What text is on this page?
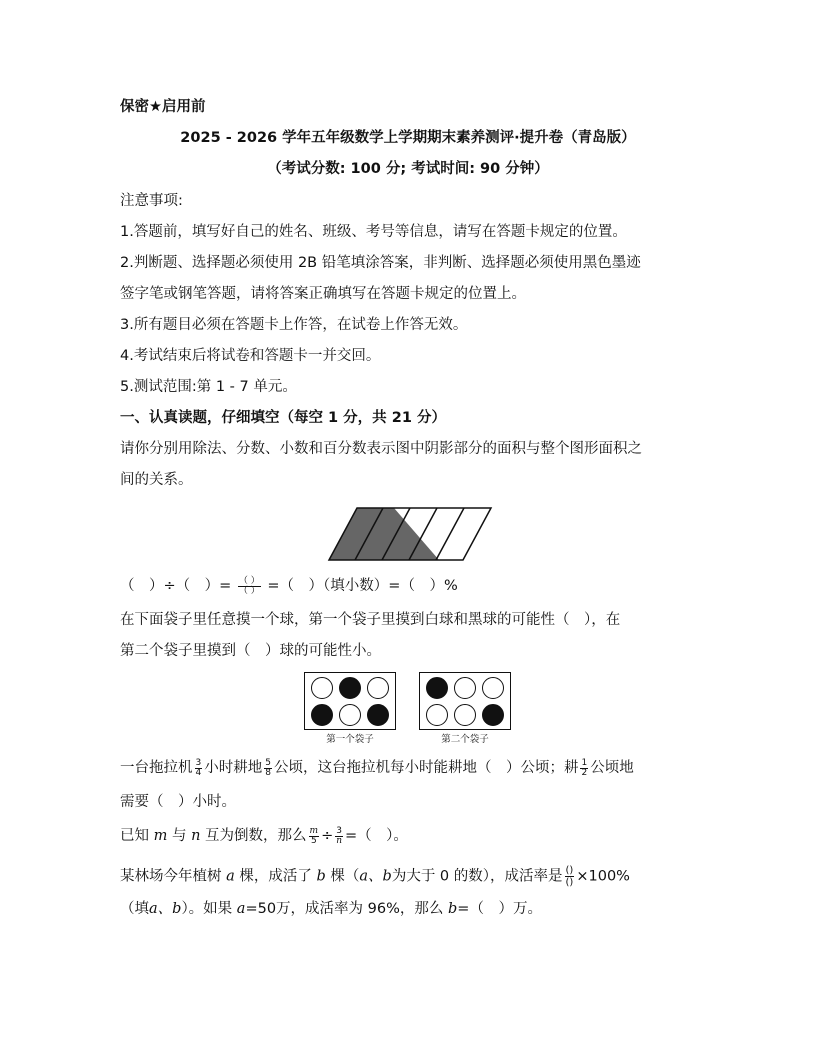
保密★启用前
2025 - 2026 学年五年级数学上学期期末素养测评·提升卷（青岛版）
（考试分数: 100 分; 考试时间: 90 分钟）
注意事项:
1.答题前，填写好自己的姓名、班级、考号等信息，请写在答题卡规定的位置。
2.判断题、选择题必须使用 2B 铅笔填涂答案，非判断、选择题必须使用黑色墨迹
签字笔或钢笔答题，请将答案正确填写在答题卡规定的位置上。
3.所有题目必须在答题卡上作答，在试卷上作答无效。
4.考试结束后将试卷和答题卡一并交回。
5.测试范围:第 1 - 7 单元。
一、认真读题，仔细填空（每空 1 分，共 21 分）
请你分别用除法、分数、小数和百分数表示图中阴影部分的面积与整个图形面积之
间的关系。
（　）÷（　）= $\frac{( )}{( )}$ =（　）（填小数）=（　）%
在下面袋子里任意摸一个球，第一个袋子里摸到白球和黑球的可能性（　），在
第二个袋子里摸到（　）球的可能性小。
第一个袋子	第二个袋子
一台拖拉机 $\frac{3}{4}$ 小时耕地 $\frac{5}{8}$ 公顷，这台拖拉机每小时能耕地（　）公顷；耕 $\frac{1}{2}$ 公顷地
需要（　）小时。
已知 m 与 n 互为倒数，那么 $\frac{m}{5} \div \frac{3}{n}$ =（　）。
某林场今年植树 a 棵，成活了 b 棵（a、b为大于 0 的数），成活率是 $\frac{()}{()} \times 100\%$
（填a、b）。如果 a=50万，成活率为 96%，那么 b=（　）万。
